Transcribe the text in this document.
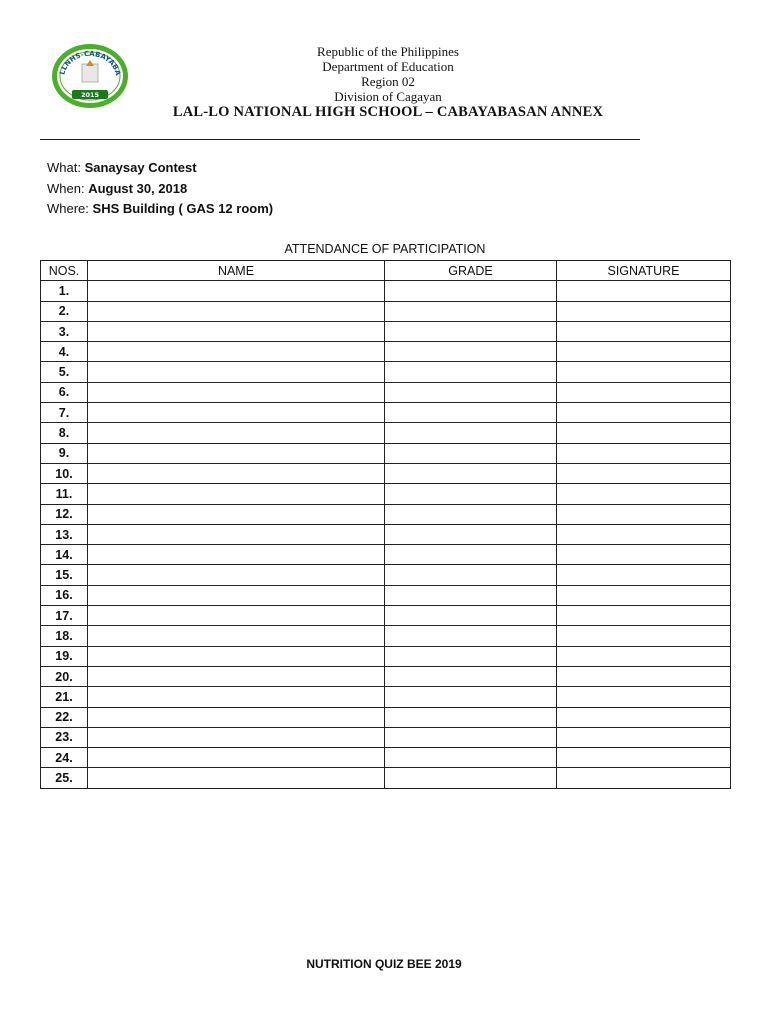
LLNHS-CABAYABA
2015
Republic of the Philippines
Department of Education
Region 02
Division of Cagayan
LAL-LO NATIONAL HIGH SCHOOL – CABAYABASAN ANNEX
What: Sanaysay Contest
When: August 30, 2018
Where: SHS Building ( GAS 12 room)
ATTENDANCE OF PARTICIPATION
NOS.	NAME	GRADE	SIGNATURE
1.			
2.			
3.			
4.			
5.			
6.			
7.			
8.			
9.			
10.			
11.			
12.			
13.			
14.			
15.			
16.			
17.			
18.			
19.			
20.			
21.			
22.			
23.			
24.			
25.			
NUTRITION QUIZ BEE 2019
